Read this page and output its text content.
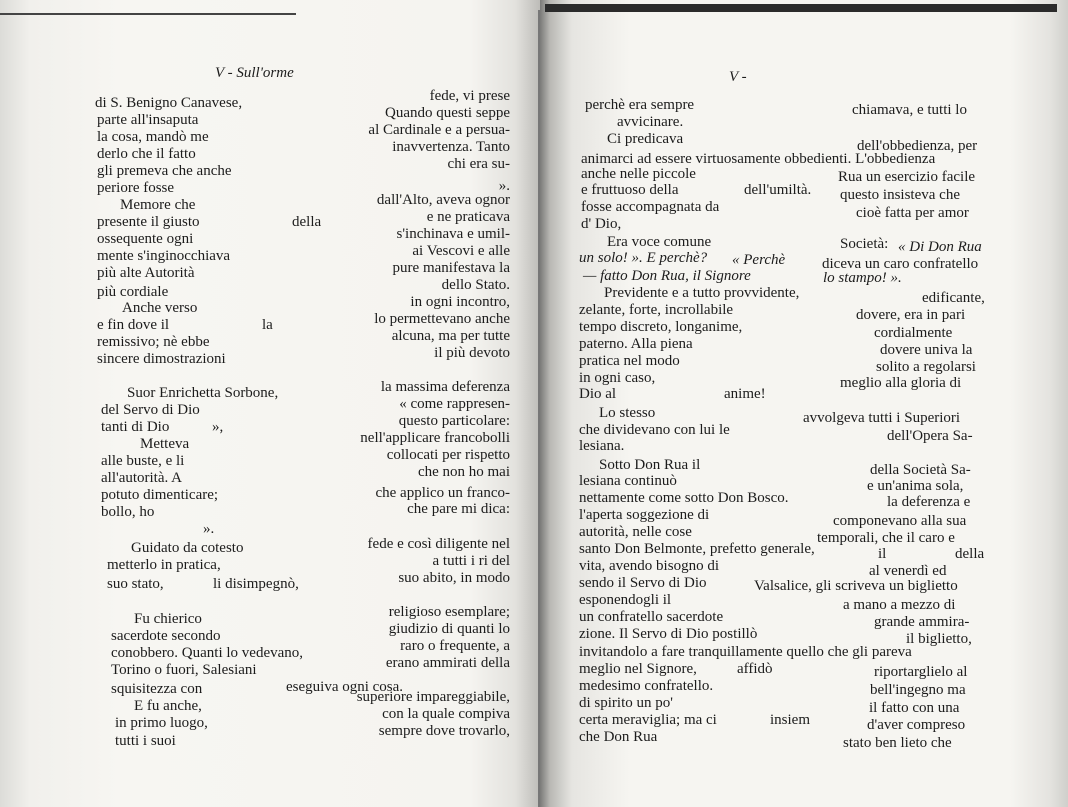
V - Sull'orme	V -
di S. Benigno Canavese,
parte all'insaputa
la cosa, mandò me
derlo che il fatto
gli premeva che anche
periore fosse
Memore che
presente il giusto	della
ossequente ogni
mente s'inginocchiava
più alte Autorità
più cordiale
Anche verso
e fin dove il	la
remissivo; nè ebbe
sincere dimostrazioni
Suor Enrichetta Sorbone,
del Servo di Dio
tanti di Dio	»,
Metteva
alle buste, e li
all'autorità. A
potuto dimenticare;
bollo, ho
».
Guidato da cotesto
metterlo in pratica,
suo stato,	li disimpegnò,
Fu chierico
sacerdote secondo
conobbero. Quanti lo vedevano,
Torino o fuori, Salesiani
squisitezza con	eseguiva ogni cosa.
E fu anche,
in primo luogo,
tutti i suoi
fede, vi prese
Quando questi seppe
al Cardinale e a persua-
inavvertenza. Tanto
chi era su-
».
dall'Alto, aveva ognor
e ne praticava
s'inchinava e umil-
ai Vescovi e alle
pure manifestava la
dello Stato.
in ogni incontro,
lo permettevano anche
alcuna, ma per tutte
il più devoto
la massima deferenza
« come rappresen-
questo particolare:
nell'applicare francobolli
collocati per rispetto
che non ho mai
che applico un franco-
che pare mi dica:
fede e così diligente nel
a tutti i ri del
suo abito, in modo
religioso esemplare;
giudizio di quanti lo
raro o frequente, a
erano ammirati della
superiore impareggiabile,
con la quale compiva
sempre dove trovarlo,
perchè era sempre	chiamava, e tutti lo
avvicinare.
Ci predicava	dell'obbedienza, per
animarci ad essere virtuosamente obbedienti. L'obbedienza
anche nelle piccole	Rua un esercizio facile
e fruttuoso della	dell'umiltà. questo insisteva che
fosse accompagnata da	cioè fatta per amor
d' Dio,
Era voce comune	Società: « Di Don Rua
un solo! ». E perchè? « Perchè diceva un caro confratello
— fatto Don Rua, il Signore	lo stampo! ».
Previdente e a tutto provvidente,	edificante,
zelante, forte, incrollabile	dovere, era in pari
tempo discreto, longanime,	cordialmente
paterno. Alla piena	dovere univa la
pratica nel modo	solito a regolarsi
in ogni caso,	meglio alla gloria di
Dio al	anime!
Lo stesso	avvolgeva tutti i Superiori
che dividevano con lui le	dell'Opera Sa-
lesiana.
Sotto Don Rua il	della Società Sa-
lesiana continuò	e un'anima sola,
nettamente come sotto Don Bosco.	la deferenza e
l'aperta soggezione di	componevano alla sua
autorità, nelle cose	temporali, che il caro e
santo Don Belmonte, prefetto generale,	il	della
vita, avendo bisogno di	al venerdì ed
sendo il Servo di Dio	Valsalice, gli scriveva un biglietto
esponendogli il	a mano a mezzo di
un confratello sacerdote	grande ammira-
zione. Il Servo di Dio postillò	il biglietto,
invitandolo a fare tranquillamente quello che gli pareva
meglio nel Signore,	affidò	riportarglielo al
medesimo confratello.	bell'ingegno ma
di spirito un po'	il fatto con una
certa meraviglia; ma ci	insiem	d'aver compreso
che Don Rua	stato ben lieto che
